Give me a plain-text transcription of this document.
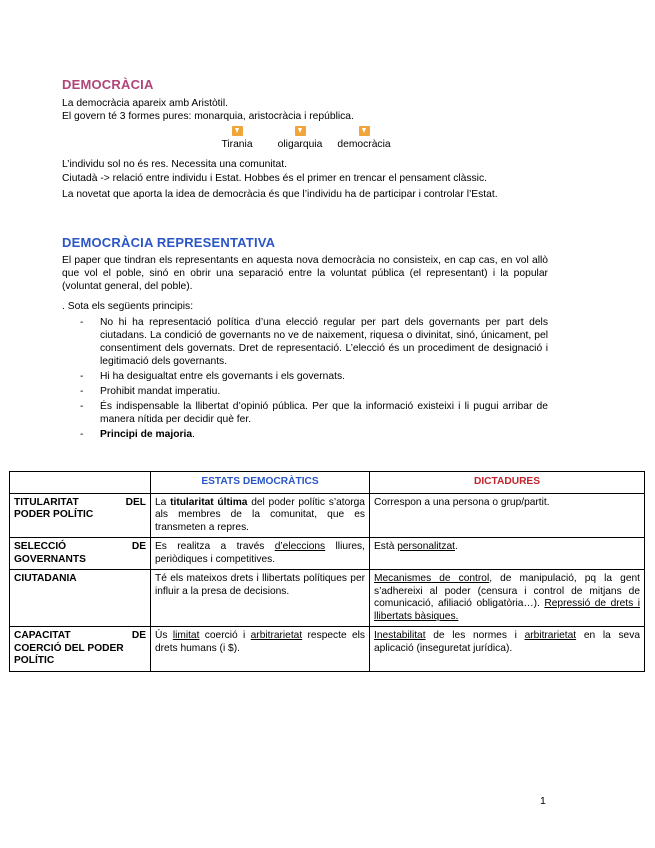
DEMOCRÀCIA
La democràcia apareix amb Aristòtil.
El govern té 3 formes pures: monarquia, aristocràcia i república.

Tirania	oligarquia democràcia
L’individu sol no és res. Necessita una comunitat.
Ciutadà -> relació entre individu i Estat. Hobbes és el primer en trencar el pensament clàssic.
La novetat que aporta la idea de democràcia és que l’individu ha de participar i controlar l’Estat.
DEMOCRÀCIA REPRESENTATIVA
El paper que tindran els representants en aquesta nova democràcia no consisteix, en cap cas, en vol allò que vol el poble, sinó en obrir una separació entre la voluntat pública (el representant) i la popular (voluntat general, del poble).
. Sota els següents principis:
- No hi ha representació política d’una elecció regular per part dels governants per part dels ciutadans. La condició de governants no ve de naixement, riquesa o divinitat, sinó, únicament, pel consentiment dels governats. Dret de representació. L’elecció és un procediment de designació i legitimació dels governants.
- Hi ha desigualtat entre els governants i els governats.
- Prohibit mandat imperatiu.
- És indispensable la llibertat d’opinió pública. Per que la informació existeixi i li pugui arribar de manera nítida per decidir què fer.
- Principi de majoria.
	ESTATS DEMOCRÀTICS	DICTADURES

TITULARITAT DEL
PODER POLÍTIC	La titularitat última del poder polític s’atorga als membres de la comunitat, que es transmeten a repres.	Correspon a una persona o grup/partit.

SELECCIÓ DE
GOVERNANTS	Es realitza a través d’eleccions lliures, periòdiques i competitives.	Està personalitzat.
CIUTADANIA	Té els mateixos drets i llibertats polítiques per influir a la presa de decisions.	Mecanismes de control, de manipulació, pq la gent s’adhereixi al poder (censura i control de mitjans de comunicació, afiliació obligatòria…). Repressió de drets i llibertats bàsiques.

CAPACITAT DE
COERCIÓ DEL PODER POLÍTIC	Ús limitat coerció i arbitrarietat respecte els drets humans (i $).	Inestabilitat de les normes i arbitrarietat en la seva aplicació (inseguretat jurídica).
1
